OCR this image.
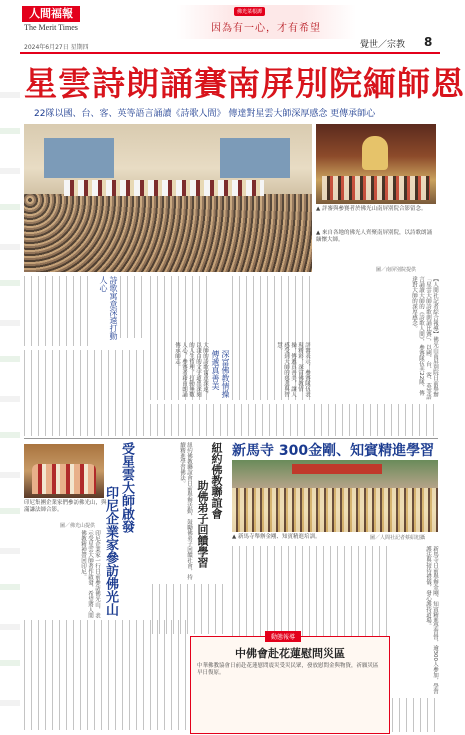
人間福報
The Merit Times
2024年6月27日 星期四
佛光菜根譚
因為有一心，才有希望
覺世／宗教 8
星雲詩朗誦賽 南屏別院緬師恩
22隊以國、台、客、英等語言誦讀《詩歌人間》 傳達對星雲大師深厚感念 更傳承師心
▲ 評審與參賽者於佛光山南屏別院合影留念。
▲ 來自各地的佛光人齊聚南屏別院，以詩歌朗誦緬懷大師。
圖／南屏別院提供
【人間社記者綜合報導】佛光山南屏別院日前舉辦「星雲大師詩歌朗誦比賽」，以國、台、客、英等語言誦讀大師的《詩歌人間》，參賽隊伍共22隊，傳達對大師的深厚感念。
深富佛教情操傳遞真善美
大師的詩歌寓意深遠，以淺白的文字道出深刻的人生哲理，打動無數人心，參賽者藉由朗誦傳承師志。	評審表示，參賽隊伍表現精彩，深富佛教情操，傳遞真善美，讓人感受到大師的慈悲與智慧。
詩歌寓意深遠打動人心
印尼集團企業家們參訪佛光山，與滿謙法師合影。
圖／佛光山提供 受星雲大師啟發
印尼企業家參訪佛光山
印尼企業家一行日前參訪佛光山，表示受星雲大師著作啟發，希望將人間佛教精神帶回印尼。
紐約佛教聯誼會
助佛弟子回饋學習
紐約佛教聯誼會日前舉辦活動，鼓勵佛弟子回饋社會，持續精進學習佛法。	新馬寺 300金剛、知賓精進學習
▲ 新馬寺舉辦金剛、知賓精進培訓。	圖／人間社記者蔡紹旭攝
新馬寺日前舉辦金剛、知賓精進學習營，逾300人參加，學習護法與接待禮儀，發心護持道場。
動態報導
中佛會赴花蓮慰問災區
中華佛教協會日前赴花蓮慰問震災受災民眾，發放慰問金與物資，祈願災區早日復原。
